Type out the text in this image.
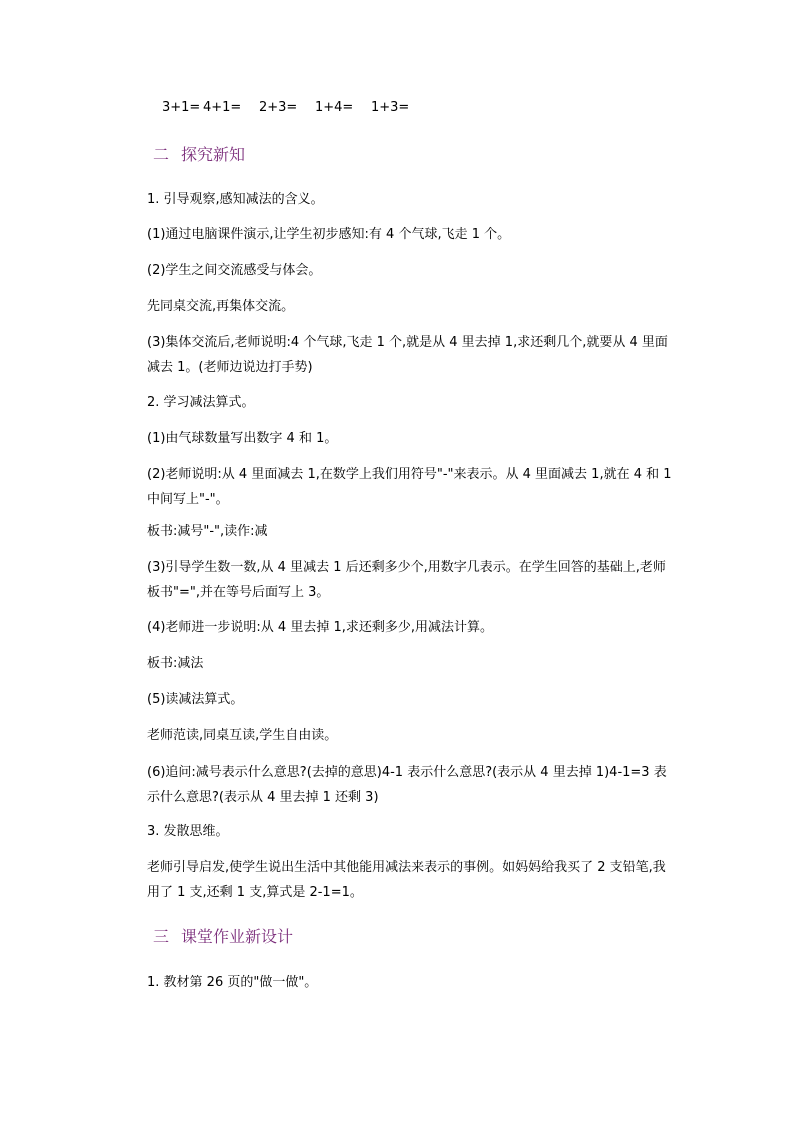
3+1= 4+1= 2+3= 1+4= 1+3=
二 探究新知
1. 引导观察,感知减法的含义。
(1)通过电脑课件演示,让学生初步感知:有 4 个气球,飞走 1 个。
(2)学生之间交流感受与体会。
先同桌交流,再集体交流。
(3)集体交流后,老师说明:4 个气球,飞走 1 个,就是从 4 里去掉 1,求还剩几个,就要从 4 里面减去 1。(老师边说边打手势)
2. 学习减法算式。
(1)由气球数量写出数字 4 和 1。
(2)老师说明:从 4 里面减去 1,在数学上我们用符号"-"来表示。从 4 里面减去 1,就在 4 和 1 中间写上"-"。
板书:减号"-",读作:减
(3)引导学生数一数,从 4 里减去 1 后还剩多少个,用数字几表示。在学生回答的基础上,老师板书"=",并在等号后面写上 3。
(4)老师进一步说明:从 4 里去掉 1,求还剩多少,用减法计算。
板书:减法
(5)读减法算式。
老师范读,同桌互读,学生自由读。
(6)追问:减号表示什么意思?(去掉的意思)4-1 表示什么意思?(表示从 4 里去掉 1)4-1=3 表示什么意思?(表示从 4 里去掉 1 还剩 3)
3. 发散思维。
老师引导启发,使学生说出生活中其他能用减法来表示的事例。如妈妈给我买了 2 支铅笔,我用了 1 支,还剩 1 支,算式是 2-1=1。
三 课堂作业新设计
1. 教材第 26 页的"做一做"。
